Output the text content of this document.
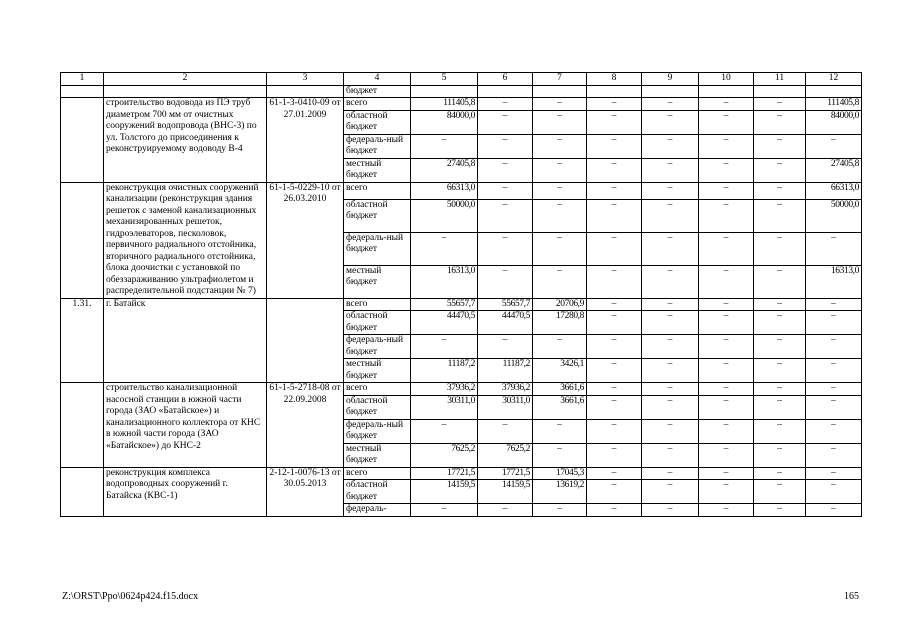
1	2	3	4	5	6	7	8	9	10	11	12
			бюджет								
	строительство водовода из ПЭ труб диаметром 700 мм от очистных сооружений водопровода (ВНС-3) по ул. Толстого до присоединения к реконструируемому водоводу В-4	61-1-3-0410-09 от 27.01.2009	всего	111405,8	–	–	–	–	–	–	111405,8
			областной бюджет	84000,0	–	–	–	–	–	–	84000,0
			федераль-ный бюджет	–	–	–	–	–	–	–	–
			местный бюджет	27405,8	–	–	–	–	–	–	27405,8
	реконструкция очистных сооружений канализации (реконструкция здания решеток с заменой канализационных механизированных решеток, гидроэлеваторов, песколовок, первичного радиального отстойника, вторичного радиального отстойника, блока доочистки с установкой по обеззараживанию ультрафиолетом и распределительной подстанции № 7)	61-1-5-0229-10 от 26.03.2010	всего	66313,0	–	–	–	–	–	–	66313,0
			областной бюджет	50000,0	–	–	–	–	–	–	50000,0
			федераль-ный бюджет	–	–	–	–	–	–	–	–
			местный бюджет	16313,0	–	–	–	–	–	–	16313,0
1.31.	г. Батайск		всего	55657,7	55657,7	20706,9	–	–	–	–	–
			областной бюджет	44470,5	44470,5	17280,8	–	–	–	–	–
			федераль-ный бюджет	–	–	–	–	–	–	–	–
			местный бюджет	11187,2	11187,2	3426,1	–	–	–	–	–
	строительство канализационной насосной станции в южной части города (ЗАО «Батайское») и канализационного коллектора от КНС в южной части города (ЗАО «Батайское») до КНС-2	61-1-5-2718-08 от 22.09.2008	всего	37936,2	37936,2	3661,6	–	–	–	–	–
			областной бюджет	30311,0	30311,0	3661,6	–	–	–	–	–
			федераль-ный бюджет	–	–	–	–	–	–	–	–
			местный бюджет	7625,2	7625,2	–	–	–	–	–	–
	реконструкция комплекса водопроводных сооружений г. Батайска (КВС-1)	2-12-1-0076-13 от 30.05.2013	всего	17721,5	17721,5	17045,3	–	–	–	–	–
			областной бюджет	14159,5	14159,5	13619,2	–	–	–	–	–
			федераль-	–	–	–	–	–	–	–	–
Z:\ORST\Ppo\0624p424.f15.docx	165
